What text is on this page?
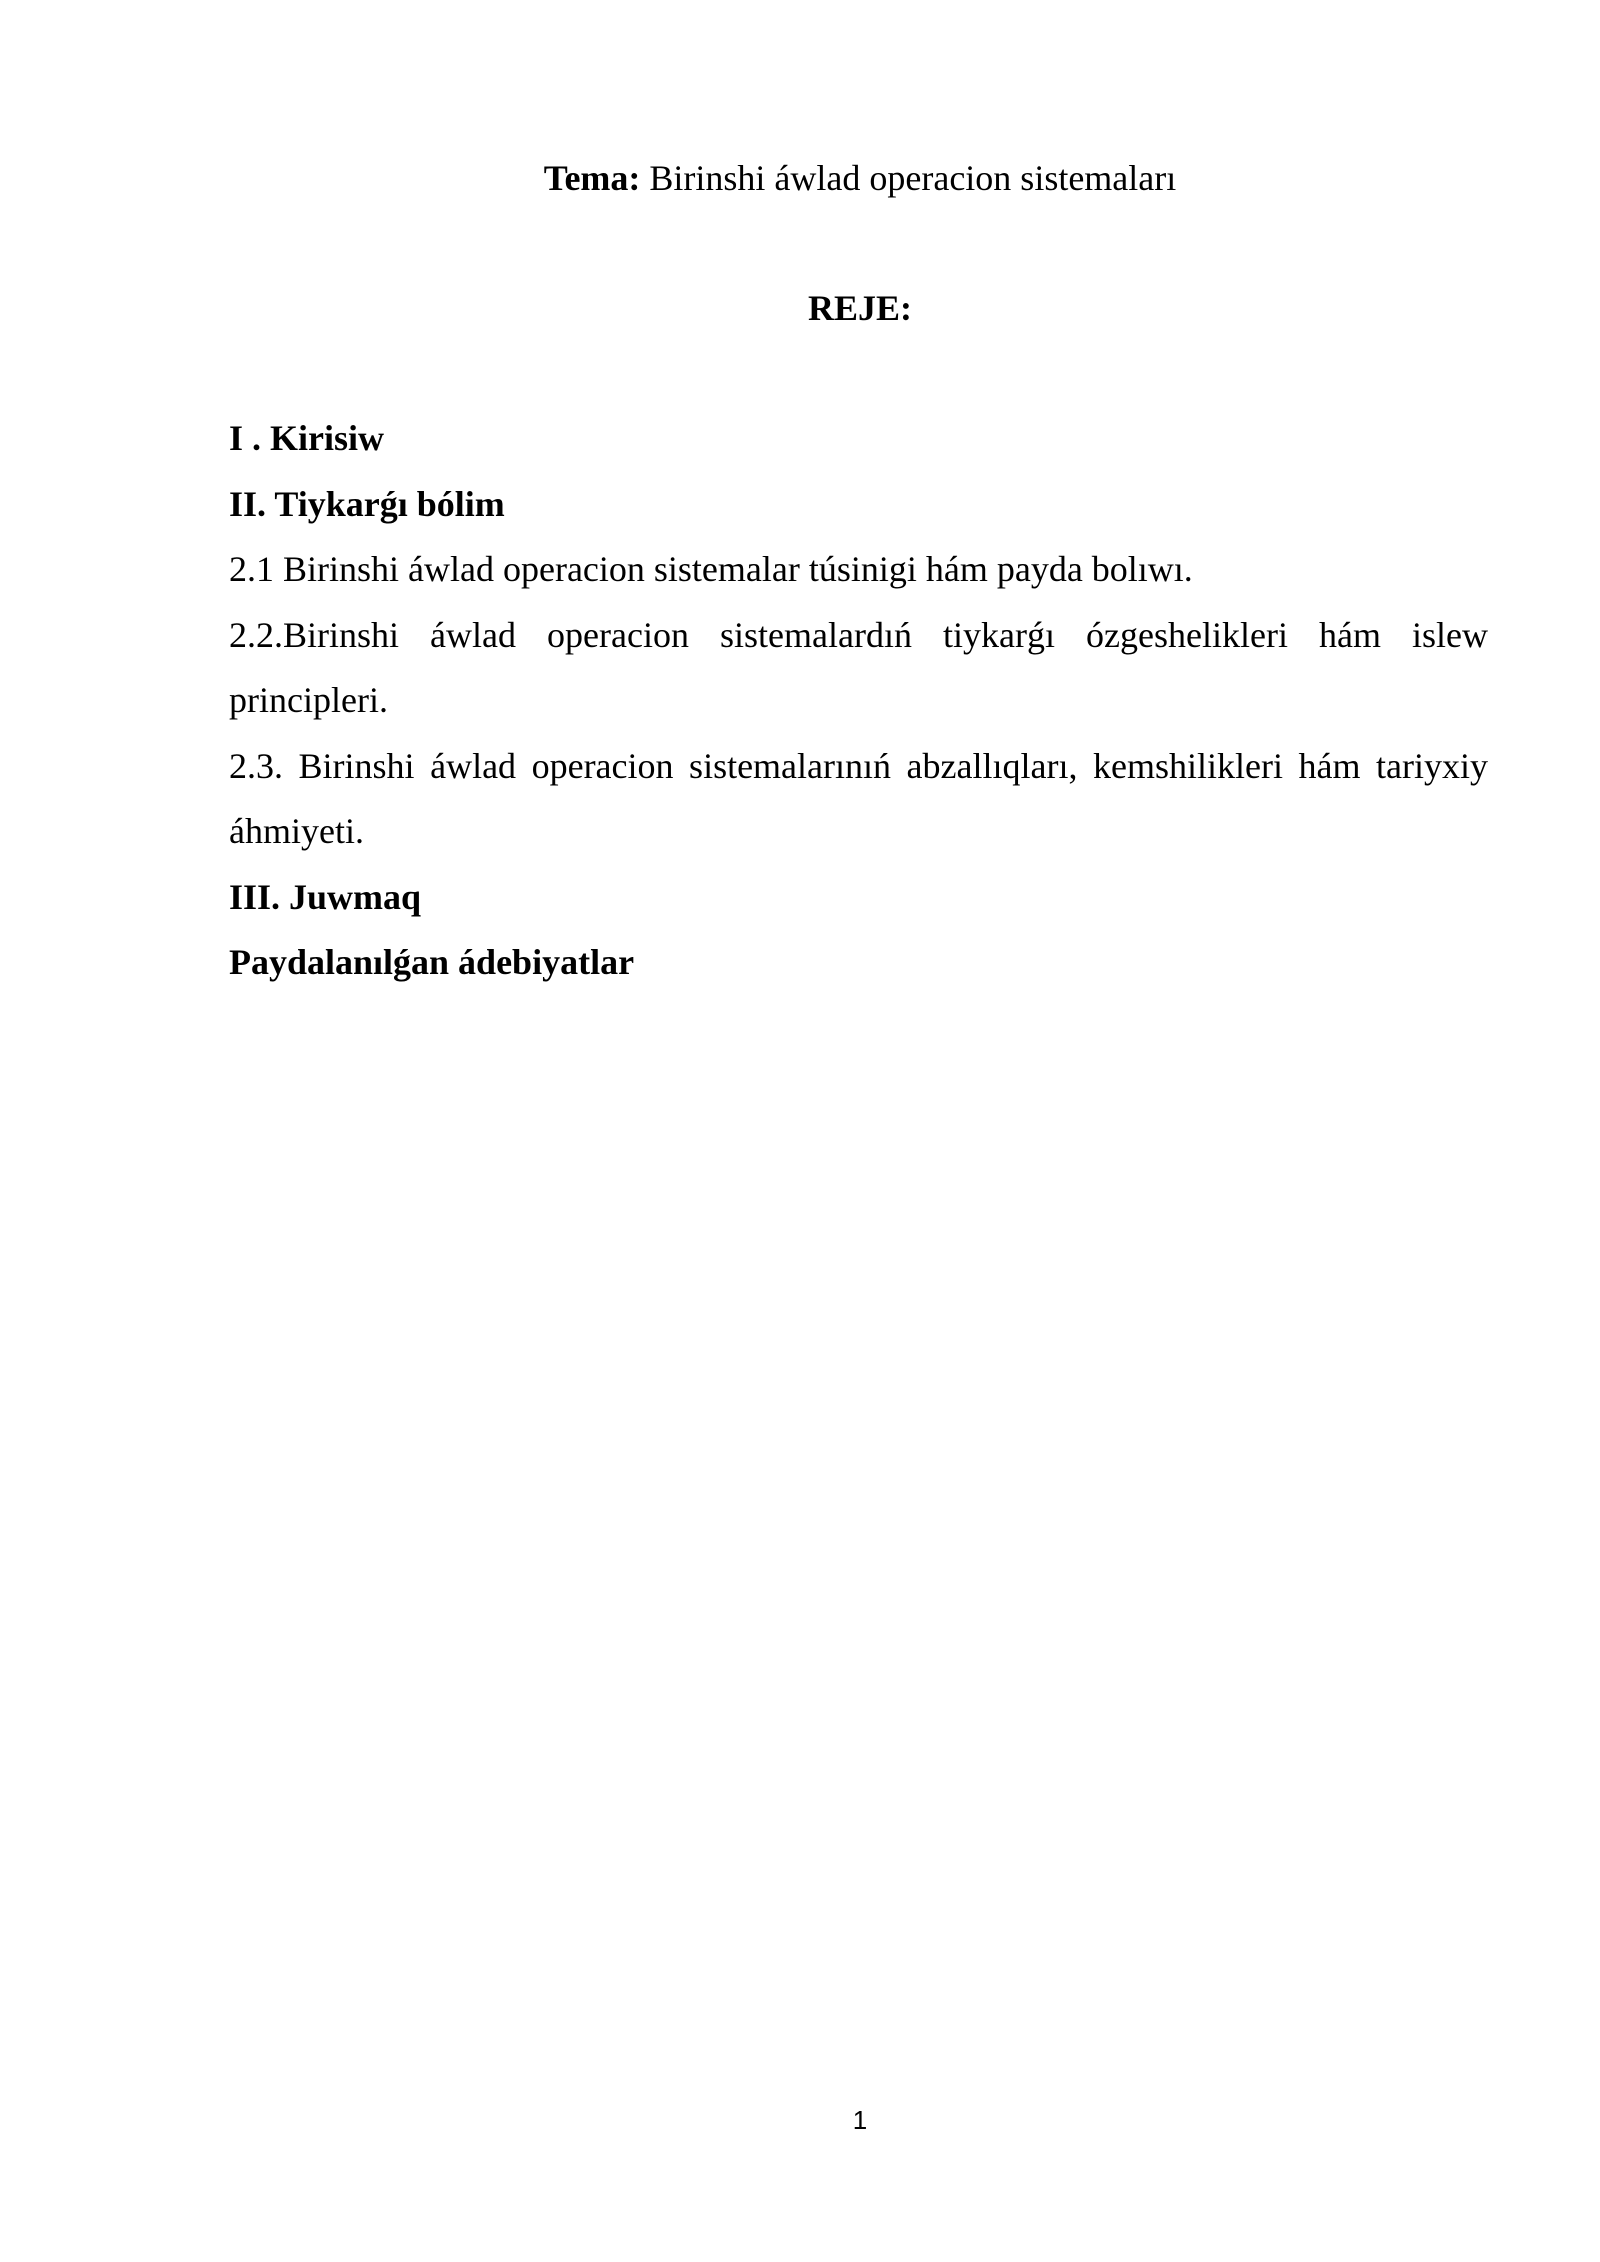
Tema: Birinshi áwlad operacion sistemaları
REJE:

I . Kirisiw

II. Tiykarǵı bólim

2.1 Birinshi áwlad operacion sistemalar túsinigi hám payda bolıwı.

2.2.Birinshi áwlad operacion sistemalardıń tiykarǵı ózgeshelikleri hám islew principleri.

2.3. Birinshi áwlad operacion sistemalarınıń abzallıqları, kemshilikleri hám tariyxiy áhmiyeti.

III. Juwmaq

Paydalanılǵan ádebiyatlar

1
